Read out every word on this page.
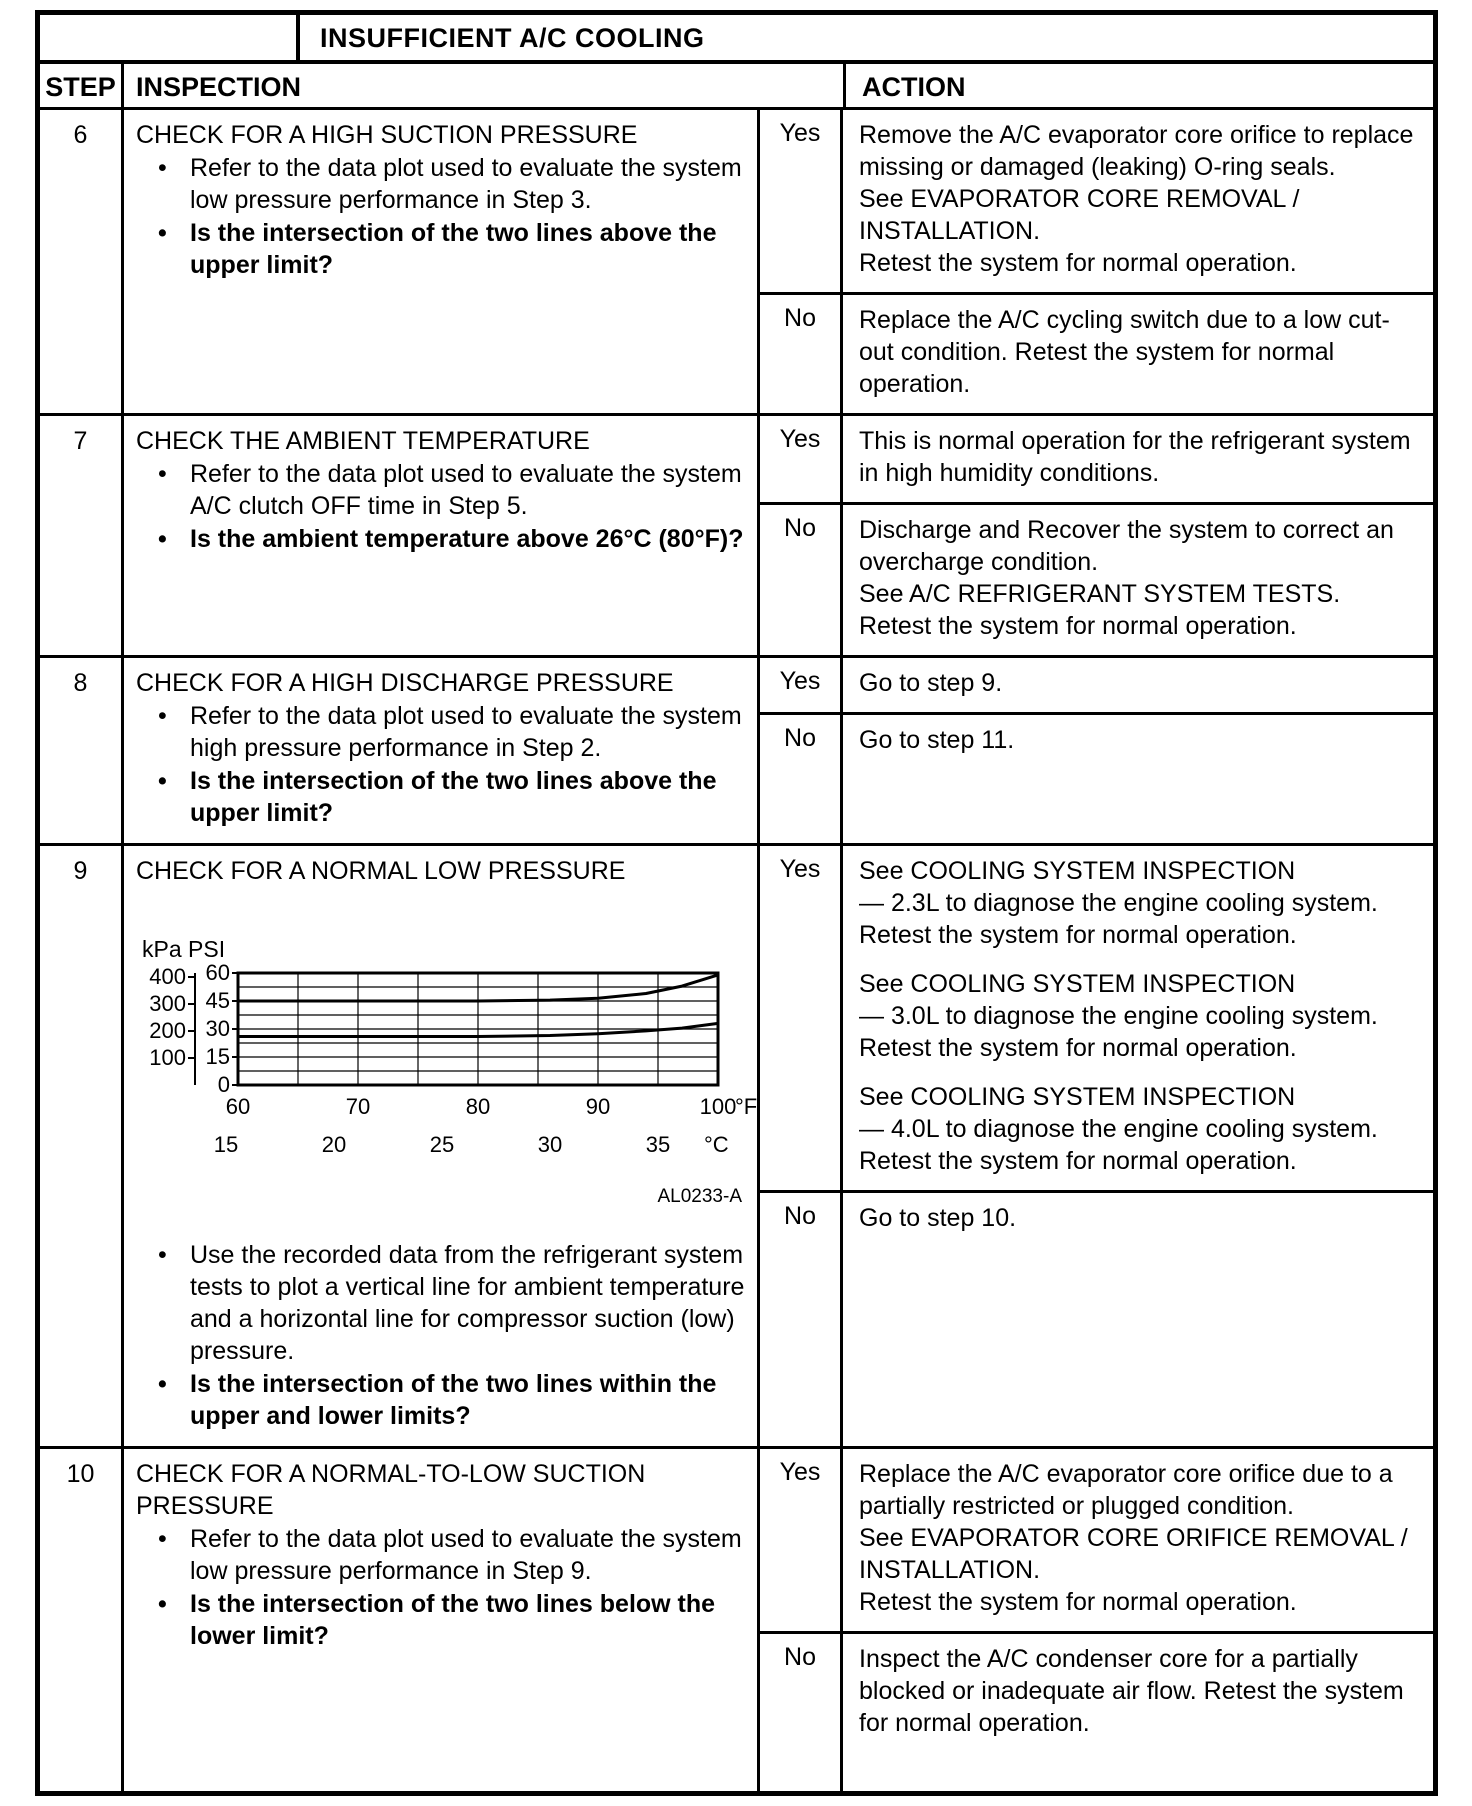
INSUFFICIENT A/C COOLING
STEP INSPECTION	ACTION
6	CHECK FOR A HIGH SUCTION PRESSURE
• Refer to the data plot used to evaluate the system low pressure performance in Step 3.
• Is the intersection of the two lines above the upper limit?
Yes	Remove the A/C evaporator core orifice to replace missing or damaged (leaking) O-ring seals.
See EVAPORATOR CORE REMOVAL / INSTALLATION.
Retest the system for normal operation.
No	Replace the A/C cycling switch due to a low cut-out condition. Retest the system for normal operation.
7	CHECK THE AMBIENT TEMPERATURE
• Refer to the data plot used to evaluate the system A/C clutch OFF time in Step 5.
• Is the ambient temperature above 26°C (80°F)?
Yes	This is normal operation for the refrigerant system in high humidity conditions.
No	Discharge and Recover the system to correct an overcharge condition.
See A/C REFRIGERANT SYSTEM TESTS.
Retest the system for normal operation.
8	CHECK FOR A HIGH DISCHARGE PRESSURE
• Refer to the data plot used to evaluate the system high pressure performance in Step 2.
• Is the intersection of the two lines above the upper limit?
Yes	Go to step 9.
No	Go to step 11.
9	CHECK FOR A NORMAL LOW PRESSURE
kPa PSI
400
300
200
100
60
45
30
15
0
60	70	80	90	100
°F
15	20	25	30	35 °C
AL0233-A
• Use the recorded data from the refrigerant system tests to plot a vertical line for ambient temperature and a horizontal line for compressor suction (low) pressure.
• Is the intersection of the two lines within the upper and lower limits?
Yes	See COOLING SYSTEM INSPECTION
— 2.3L to diagnose the engine cooling system.
Retest the system for normal operation.
See COOLING SYSTEM INSPECTION
— 3.0L to diagnose the engine cooling system.
Retest the system for normal operation.
See COOLING SYSTEM INSPECTION
— 4.0L to diagnose the engine cooling system.
Retest the system for normal operation.
No	Go to step 10.
10	CHECK FOR A NORMAL-TO-LOW SUCTION PRESSURE
• Refer to the data plot used to evaluate the system low pressure performance in Step 9.
• Is the intersection of the two lines below the lower limit?
Yes	Replace the A/C evaporator core orifice due to a partially restricted or plugged condition.
See EVAPORATOR CORE ORIFICE REMOVAL / INSTALLATION.
Retest the system for normal operation.
No	Inspect the A/C condenser core for a partially blocked or inadequate air flow. Retest the system for normal operation.
